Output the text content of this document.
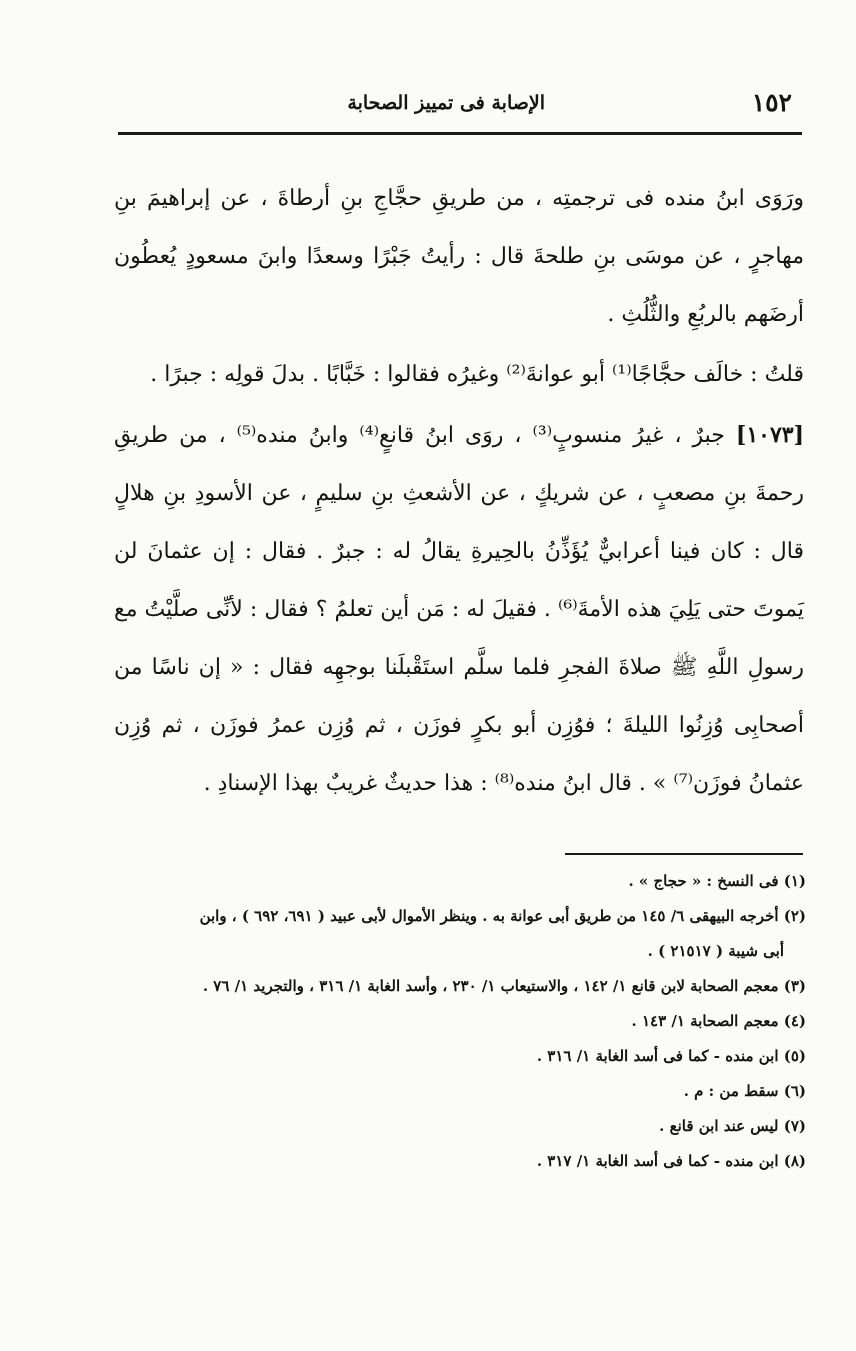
١٥٢
الإصابة فى تمييز الصحابة

ورَوَى ابنُ منده فى ترجمتِه ، من طريقِ حجَّاجِ بنِ أرطاةَ ، عن إبراهيمَ بنِ مهاجرٍ ، عن موسَى بنِ طلحةَ قال : رأيتُ جَبْرًا وسعدًا وابنَ مسعودٍ يُعطُون أرضَهم بالربُعِ والثُّلُثِ .

قلتُ : خالَف حجَّاجًا⁽¹⁾ أبو عوانةَ⁽²⁾ وغيرُه فقالوا : خَبَّابًا . بدلَ قولِه : جبرًا .

[١٠٧٣] جبرٌ ، غيرُ منسوبٍ⁽³⁾ ، روَى ابنُ قانعٍ⁽⁴⁾ وابنُ منده⁽⁵⁾ ، من طريقِ رحمةَ بنِ مصعبٍ ، عن شريكٍ ، عن الأشعثِ بنِ سليمٍ ، عن الأسودِ بنِ هلالٍ قال : كان فينا أعرابيٌّ يُؤَذِّنُ بالحِيرةِ يقالُ له : جبرٌ . فقال : إن عثمانَ لن يَموتَ حتى يَلِيَ هذه الأمةَ⁽⁶⁾ . فقيلَ له : مَن أين تعلمُ ؟ فقال : لأنِّى صلَّيْتُ مع رسولِ اللَّهِ ﷺ صلاةَ الفجرِ فلما سلَّم استَقْبلَنا بوجهِه فقال : « إن ناسًا من أصحابِى وُزِنُوا الليلةَ ؛ فوُزِن أبو بكرٍ فوزَن ، ثم وُزِن عمرُ فوزَن ، ثم وُزِن عثمانُ فوزَن⁽⁷⁾ » . قال ابنُ منده⁽⁸⁾ : هذا حديثٌ غريبٌ بهذا الإسنادِ .

(١) فى النسخ : « حجاج » .

(٢) أخرجه البيهقى ٦/ ١٤٥ من طريق أبى عوانة به . وينظر الأموال لأبى عبيد ( ٦٩١، ٦٩٢ ) ، وابن

أبى شيبة ( ٢١٥١٧ ) .

(٣) معجم الصحابة لابن قانع ١/ ١٤٢ ، والاستيعاب ١/ ٢٣٠ ، وأسد الغابة ١/ ٣١٦ ، والتجريد ١/ ٧٦ .

(٤) معجم الصحابة ١/ ١٤٣ .

(٥) ابن منده - كما فى أسد الغابة ١/ ٣١٦ .

(٦) سقط من : م .

(٧) ليس عند ابن قانع .

(٨) ابن منده - كما فى أسد الغابة ١/ ٣١٧ .
